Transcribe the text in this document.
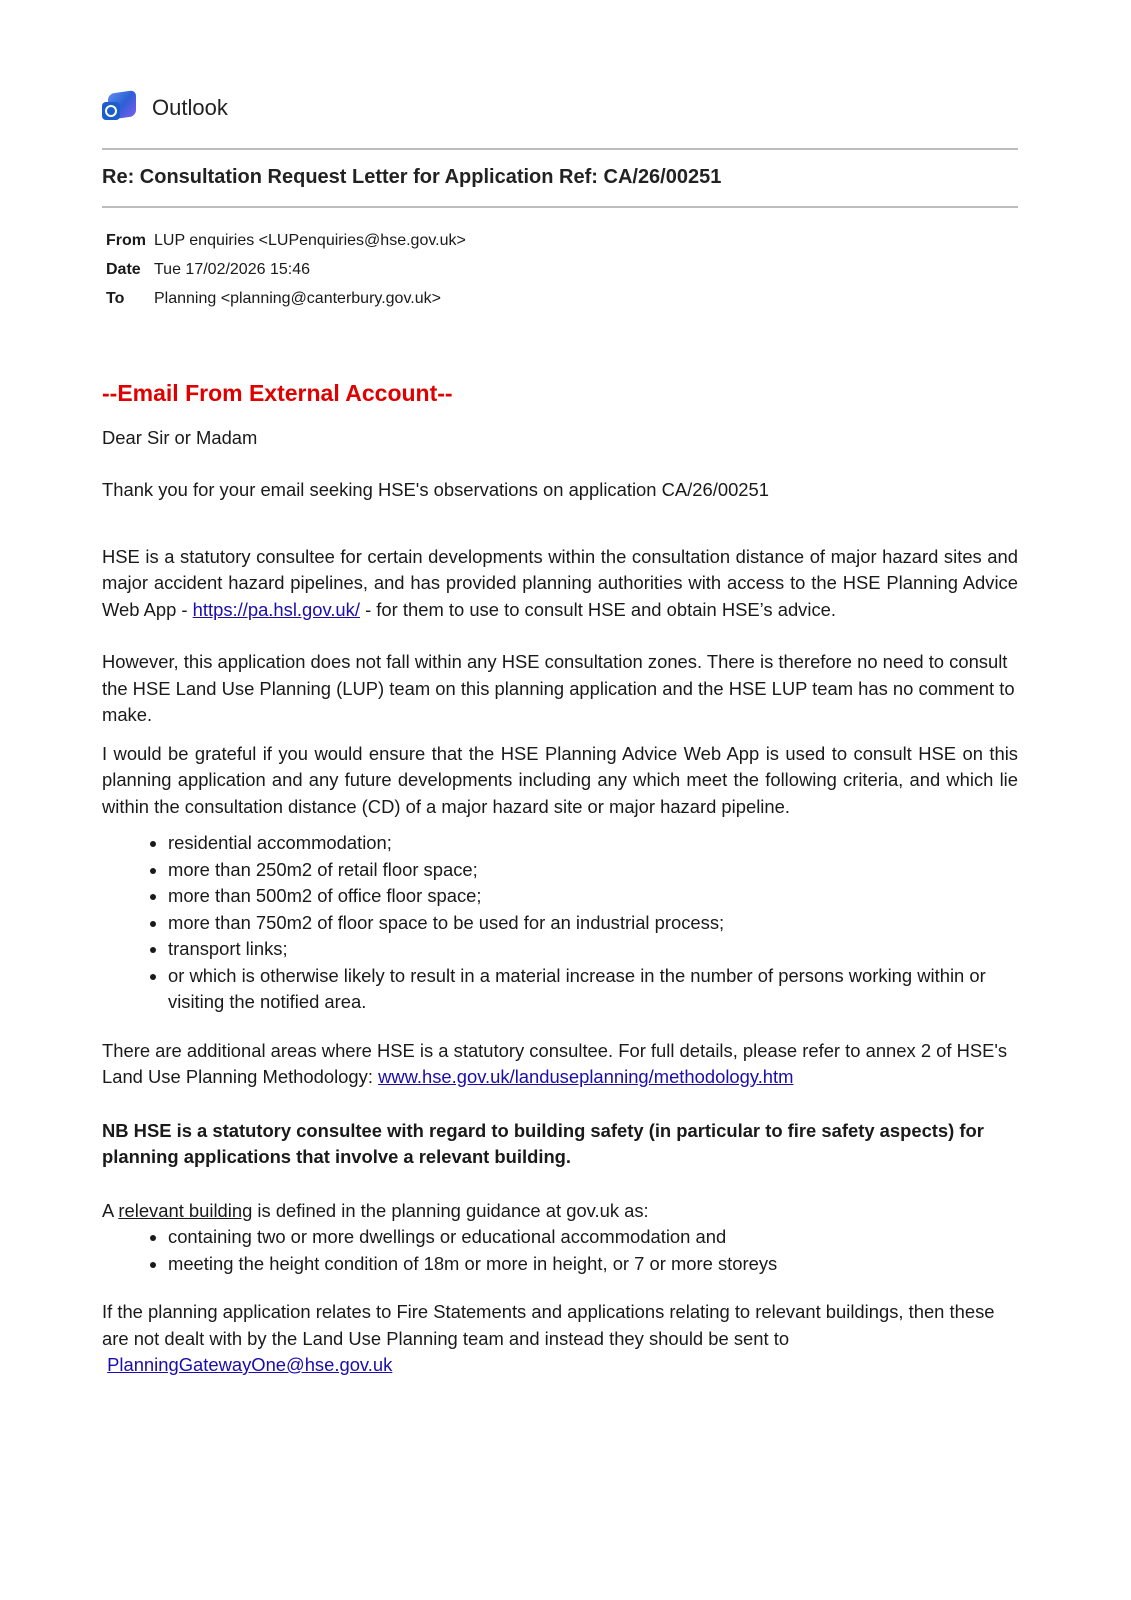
Outlook
Re: Consultation Request Letter for Application Ref: CA/26/00251
From LUP enquiries <LUPenquiries@hse.gov.uk>
Date Tue 17/02/2026 15:46
To	Planning <planning@canterbury.gov.uk>

--Email From External Account--

Dear Sir or Madam

Thank you for your email seeking HSE's observations on application CA/26/00251

HSE is a statutory consultee for certain developments within the consultation distance of major hazard sites and major accident hazard pipelines, and has provided planning authorities with access to the HSE Planning Advice Web App - https://pa.hsl.gov.uk/ - for them to use to consult HSE and obtain HSE’s advice.

However, this application does not fall within any HSE consultation zones. There is therefore no need to consult the HSE Land Use Planning (LUP) team on this planning application and the HSE LUP team has no comment to make.

I would be grateful if you would ensure that the HSE Planning Advice Web App is used to consult HSE on this planning application and any future developments including any which meet the following criteria, and which lie within the consultation distance (CD) of a major hazard site or major hazard pipeline.

• residential accommodation;
• more than 250m2 of retail floor space;
• more than 500m2 of office floor space;
• more than 750m2 of floor space to be used for an industrial process;
• transport links;
• or which is otherwise likely to result in a material increase in the number of persons working within or visiting the notified area.

There are additional areas where HSE is a statutory consultee. For full details, please refer to annex 2 of HSE's Land Use Planning Methodology: www.hse.gov.uk/landuseplanning/methodology.htm

NB HSE is a statutory consultee with regard to building safety (in particular to fire safety aspects) for planning applications that involve a relevant building.

A relevant building is defined in the planning guidance at gov.uk as:

• containing two or more dwellings or educational accommodation and
• meeting the height condition of 18m or more in height, or 7 or more storeys

If the planning application relates to Fire Statements and applications relating to relevant buildings, then these are not dealt with by the Land Use Planning team and instead they should be sent to
PlanningGatewayOne@hse.gov.uk
